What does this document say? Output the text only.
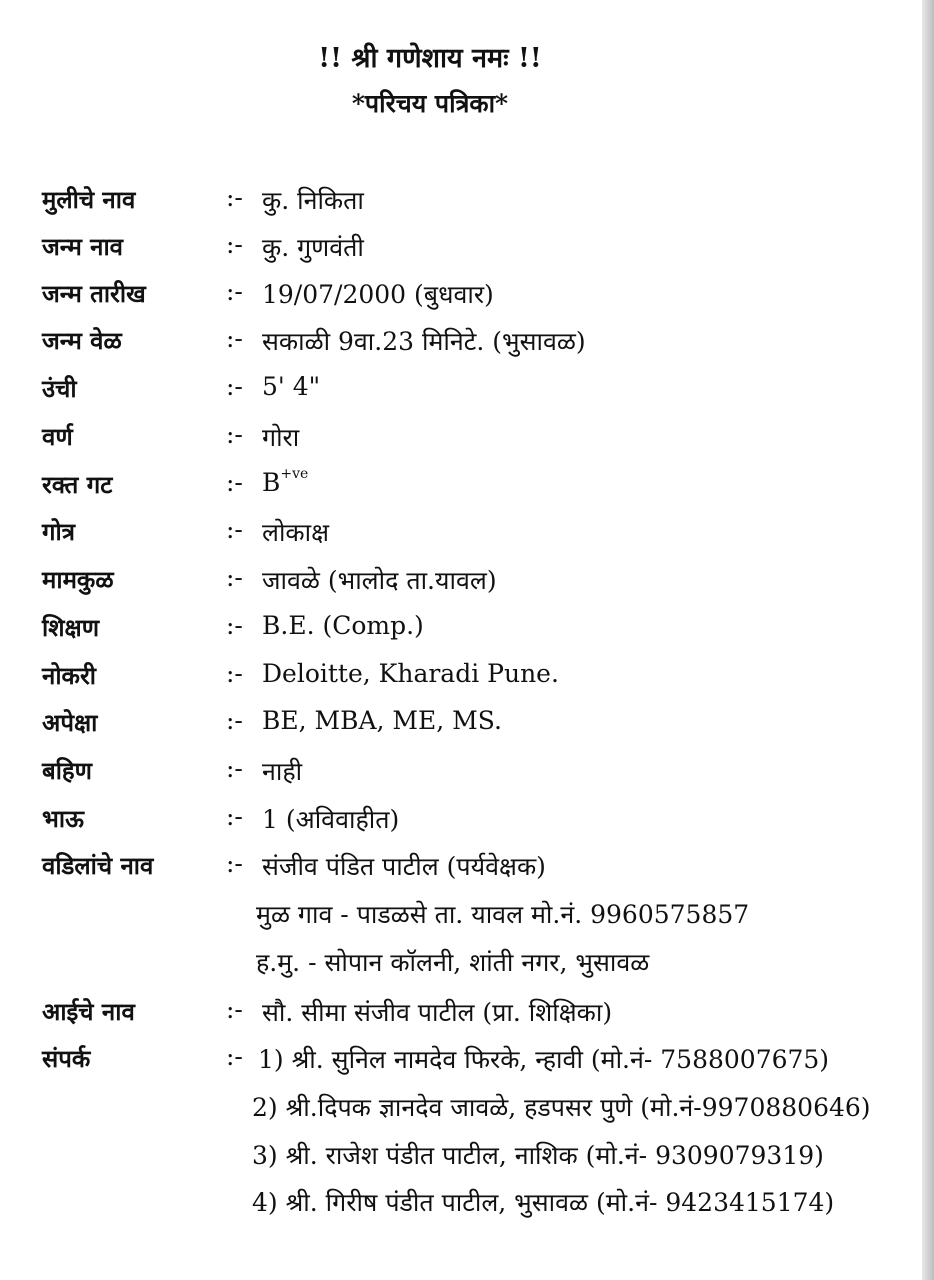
!! श्री गणेशाय नमः !!
*परिचय पत्रिका*
मुलीचे नाव	:- कु. निकिता
जन्म नाव	:- कु. गुणवंती
जन्म तारीख	:- 19/07/2000 (बुधवार)
जन्म वेळ	:- सकाळी 9वा.23 मिनिटे. (भुसावळ)
उंची	:- 5' 4"
वर्ण	:- गोरा
रक्त गट	:- $B^{+ve}$
गोत्र	:- लोकाक्ष
मामकुळ	:- जावळे (भालोद ता.यावल)
शिक्षण	:- B.E. (Comp.)
नोकरी	:- Deloitte, Kharadi Pune.
अपेक्षा	:- BE, MBA, ME, MS.
बहिण	:- नाही
भाऊ	:- 1 (अविवाहीत)
वडिलांचे नाव	:- संजीव पंडित पाटील (पर्यवेक्षक)
मुळ गाव - पाडळसे ता. यावल मो.नं. 9960575857
ह.मु. - सोपान कॉलनी, शांती नगर, भुसावळ
आईचे नाव	:- सौ. सीमा संजीव पाटील (प्रा. शिक्षिका)
संपर्क	:- 1) श्री. सुनिल नामदेव फिरके, न्हावी (मो.नं- 7588007675)
2) श्री.दिपक ज्ञानदेव जावळे, हडपसर पुणे (मो.नं-9970880646)
3) श्री. राजेश पंडीत पाटील, नाशिक (मो.नं- 9309079319)
4) श्री. गिरीष पंडीत पाटील, भुसावळ (मो.नं- 9423415174)
